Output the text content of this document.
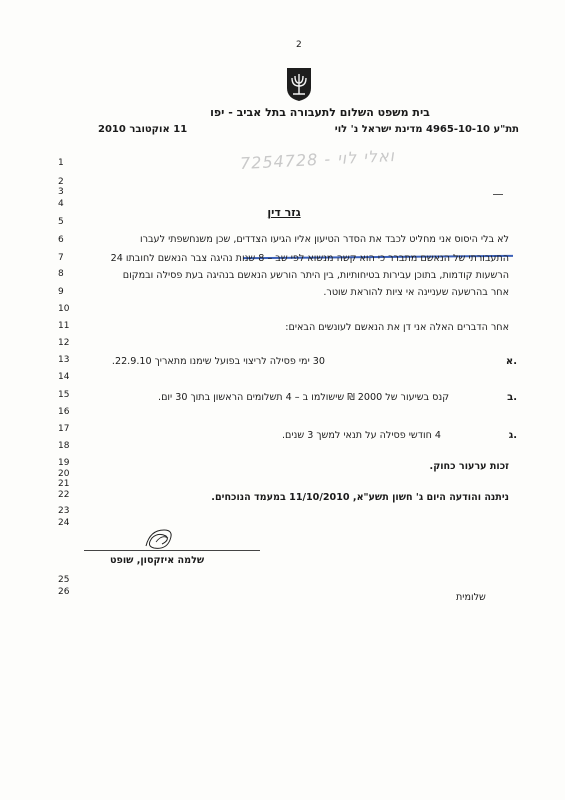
2
בית משפט השלום לתעבורה בתל אביב - יפו
תת"ע 4965-10-10 מדינת ישראל נ' לוי
11 אוקטובר 2010
ואלי לוי - 7254728
1
2
3
4
5
6
7
8
9
10
11
12
13
14
15
16
17
18
19
20
21
22
23
24
25
26
גזר דין
לא בלי היסוס אני מחליט לכבד את הסדר הטיעון אליו הגיעו הצדדים, שכן משנחשפתי לעברו
התעבורתי של הנאשם מתברר כי הוא קשה מנשוא לפי שב – 8 שנות נהיגה צבר הנאשם לחובתו 24
הרשעות קודמות, בתוכן עבירות בטיחותיות, בין היתר הורשע הנאשם בנהיגה בעת פסילה ובמקום
אחר בהרשעה שעניינה אי ציות להוראת שוטר.
אחר הדברים האלה אני דן את הנאשם לעונשים הבאים:
א.
30 ימי פסילה לריצוי בפועל שימנו מתאריך 22.9.10.
ב.
קנס בשיעור של 2000 ₪ שישולמו ב – 4 תשלומים הראשון בתוך 30 יום.
ג.
4 חודשי פסילה על תנאי למשך 3 שנים.
זכות ערעור כחוק.
ניתנה והודעה היום ג' חשון תשע"א, 11/10/2010 במעמד הנוכחים.
שלמה איזקסון, שופט
שלומית
